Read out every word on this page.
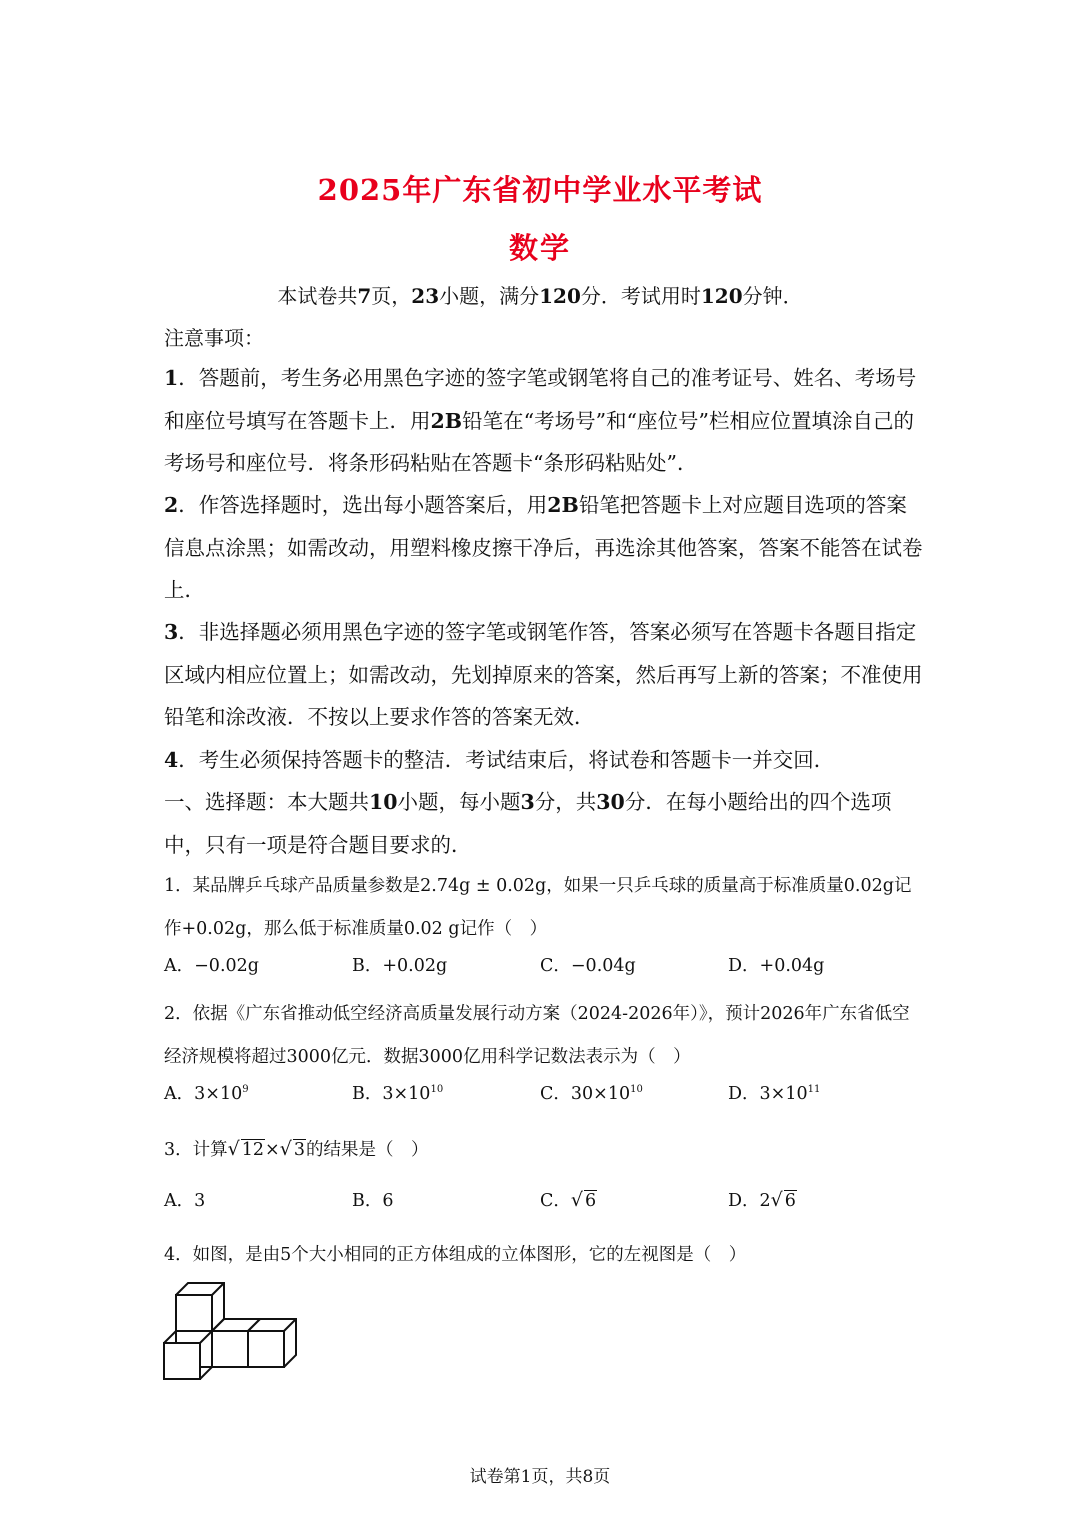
2025年广东省初中学业水平考试
数学
本试卷共7页，23小题，满分120分．考试用时120分钟．
注意事项：
1．答题前，考生务必用黑色字迹的签字笔或钢笔将自己的准考证号、姓名、考场号和座位号填写在答题卡上．用2B铅笔在“考场号”和“座位号”栏相应位置填涂自己的考场号和座位号．将条形码粘贴在答题卡“条形码粘贴处”．
2．作答选择题时，选出每小题答案后，用2B铅笔把答题卡上对应题目选项的答案信息点涂黑；如需改动，用塑料橡皮擦干净后，再选涂其他答案，答案不能答在试卷上．
3．非选择题必须用黑色字迹的签字笔或钢笔作答，答案必须写在答题卡各题目指定区域内相应位置上；如需改动，先划掉原来的答案，然后再写上新的答案；不准使用铅笔和涂改液．不按以上要求作答的答案无效．
4．考生必须保持答题卡的整洁．考试结束后，将试卷和答题卡一并交回．
一、选择题：本大题共10小题，每小题3分，共30分．在每小题给出的四个选项中，只有一项是符合题目要求的．
1．某品牌乒乓球产品质量参数是2.74g ± 0.02g，如果一只乒乓球的质量高于标准质量0.02g记作+0.02g，那么低于标准质量0.02 g记作（　）
A．−0.02g	B．+0.02g	C．−0.04g	D．+0.04g
2．依据《广东省推动低空经济高质量发展行动方案（2024-2026年）》，预计2026年广东省低空经济规模将超过3000亿元．数据3000亿用科学记数法表示为（　）
A．$3\times 10^9$	B．$3\times 10^{10}$	C．$30\times 10^{10}$	D．$3\times 10^{11}$
3．计算√ 12×√ 3的结果是（　）
A．3	B．6	C．√ 6	D．2√ 6
4．如图，是由5个大小相同的正方体组成的立体图形，它的左视图是（　）
试卷第1页，共8页
